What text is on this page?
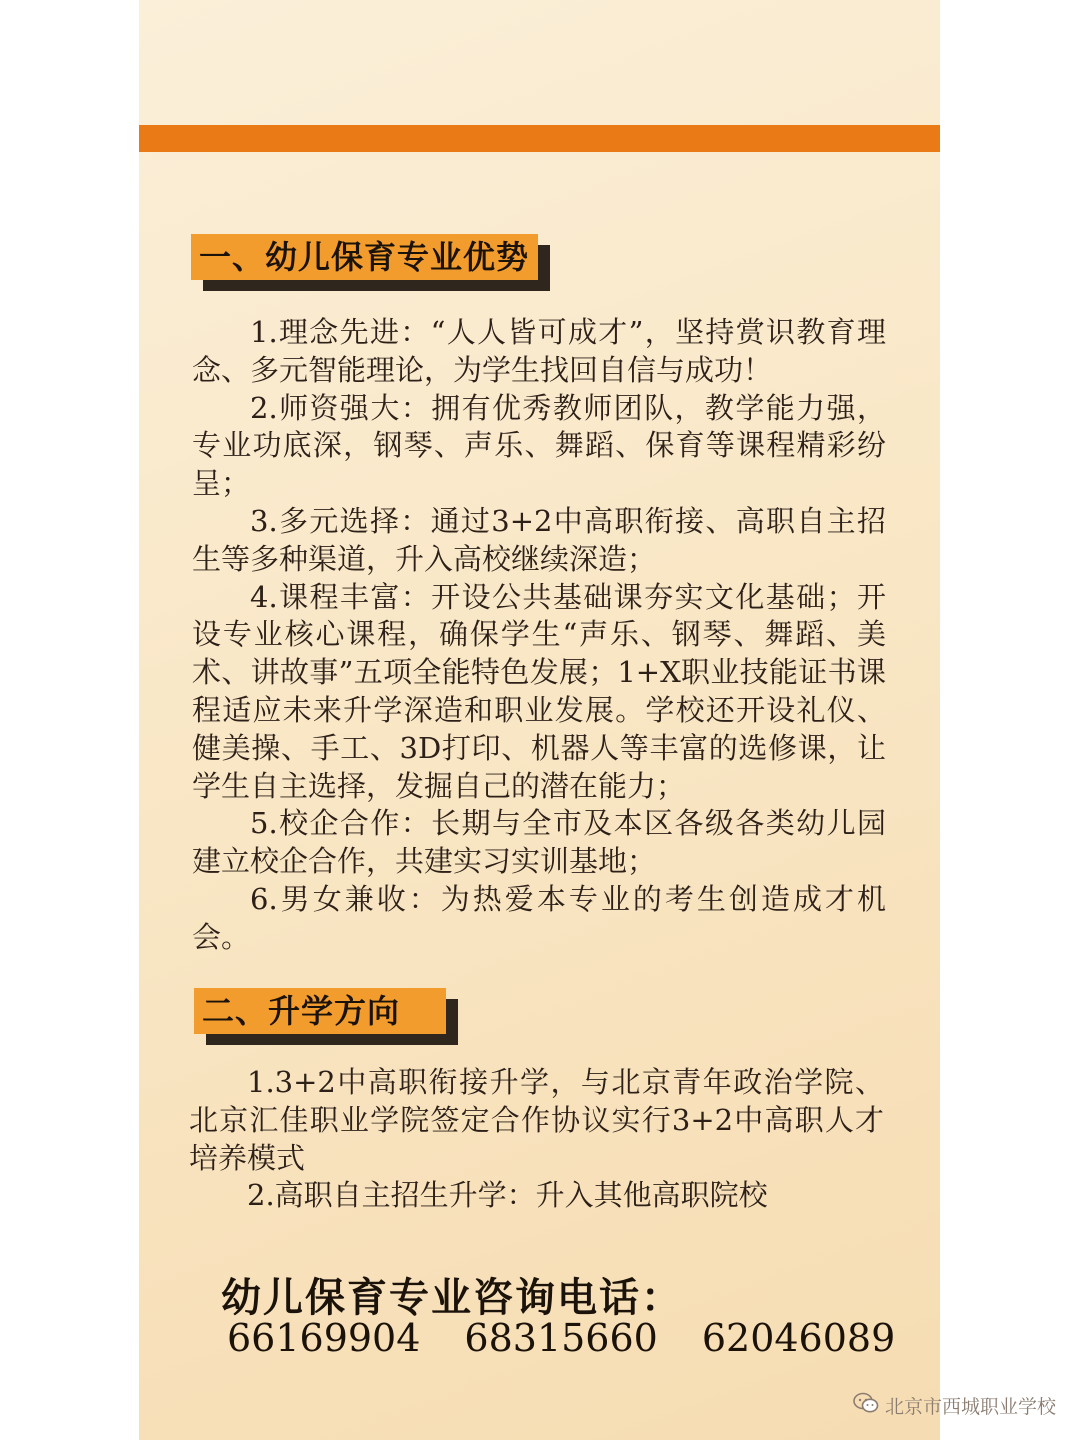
一、幼儿保育专业优势

1.理念先进：“人人皆可成才”，坚持赏识教育理念、多元智能理论，为学生找回自信与成功！

2.师资强大：拥有优秀教师团队，教学能力强，专业功底深，钢琴、声乐、舞蹈、保育等课程精彩纷呈；

3.多元选择：通过3+2中高职衔接、高职自主招生等多种渠道，升入高校继续深造；

4.课程丰富：开设公共基础课夯实文化基础；开设专业核心课程，确保学生“声乐、钢琴、舞蹈、美术、讲故事”五项全能特色发展；1+X职业技能证书课程适应未来升学深造和职业发展。学校还开设礼仪、健美操、手工、3D打印、机器人等丰富的选修课，让学生自主选择，发掘自己的潜在能力；

5.校企合作：长期与全市及本区各级各类幼儿园建立校企合作，共建实习实训基地；

6.男女兼收：为热爱本专业的考生创造成才机会。

二、升学方向

1.3+2中高职衔接升学，与北京青年政治学院、北京汇佳职业学院签定合作协议实行3+2中高职人才培养模式

2.高职自主招生升学：升入其他高职院校

幼儿保育专业咨询电话：

66169904 68315660 62046089
北京市西城职业学校
